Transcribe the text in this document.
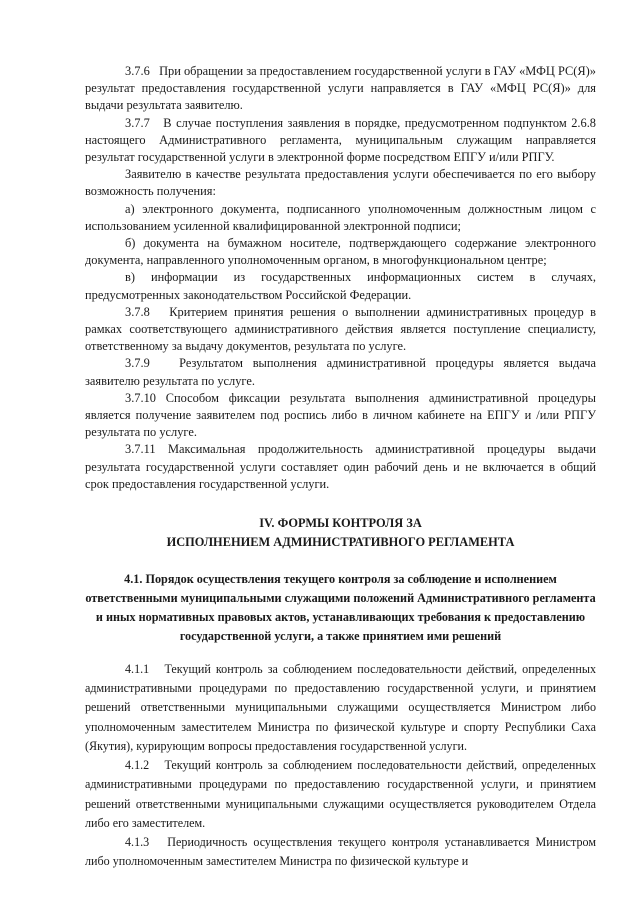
3.7.6   При обращении за предоставлением государственной услуги в ГАУ «МФЦ РС(Я)» результат предоставления государственной услуги направляется в ГАУ «МФЦ РС(Я)» для выдачи результата заявителю.

3.7.7   В случае поступления заявления в порядке, предусмотренном подпунктом 2.6.8 настоящего Административного регламента, муниципальным служащим направляется результат государственной услуги в электронной форме посредством ЕПГУ и/или РПГУ.

Заявителю в качестве результата предоставления услуги обеспечивается по его выбору возможность получения:

а) электронного документа, подписанного уполномоченным должностным лицом с использованием усиленной квалифицированной электронной подписи;

б) документа на бумажном носителе, подтверждающего содержание электронного документа, направленного уполномоченным органом, в многофункциональном центре;

в) информации из государственных информационных систем в случаях, предусмотренных законодательством Российской Федерации.

3.7.8   Критерием принятия решения о выполнении административных процедур в рамках соответствующего административного действия является поступление специалисту, ответственному за выдачу документов, результата по услуге.

3.7.9   Результатом выполнения административной процедуры является выдача заявителю результата по услуге.

3.7.10 Способом фиксации результата выполнения административной процедуры является получение заявителем под роспись либо в личном кабинете на ЕПГУ и /или РПГУ результата по услуге.

3.7.11 Максимальная продолжительность административной процедуры выдачи результата государственной услуги составляет один рабочий день и не включается в общий срок предоставления государственной услуги.

IV. ФОРМЫ КОНТРОЛЯ ЗА
ИСПОЛНЕНИЕМ АДМИНИСТРАТИВНОГО РЕГЛАМЕНТА
4.1. Порядок осуществления текущего контроля за соблюдение и исполнением ответственными муниципальными служащими положений Административного регламента и иных нормативных правовых актов, устанавливающих требования к предоставлению государственной услуги, а также принятием ими решений

4.1.1   Текущий контроль за соблюдением последовательности действий, определенных административными процедурами по предоставлению государственной услуги, и принятием решений ответственными муниципальными служащими осуществляется Министром либо уполномоченным заместителем Министра по физической культуре и спорту Республики Саха (Якутия), курирующим вопросы предоставления государственной услуги.

4.1.2   Текущий контроль за соблюдением последовательности действий, определенных административными процедурами по предоставлению государственной услуги, и принятием решений ответственными муниципальными служащими осуществляется руководителем Отдела либо его заместителем.

4.1.3   Периодичность осуществления текущего контроля устанавливается Министром либо уполномоченным заместителем Министра по физической культуре и
